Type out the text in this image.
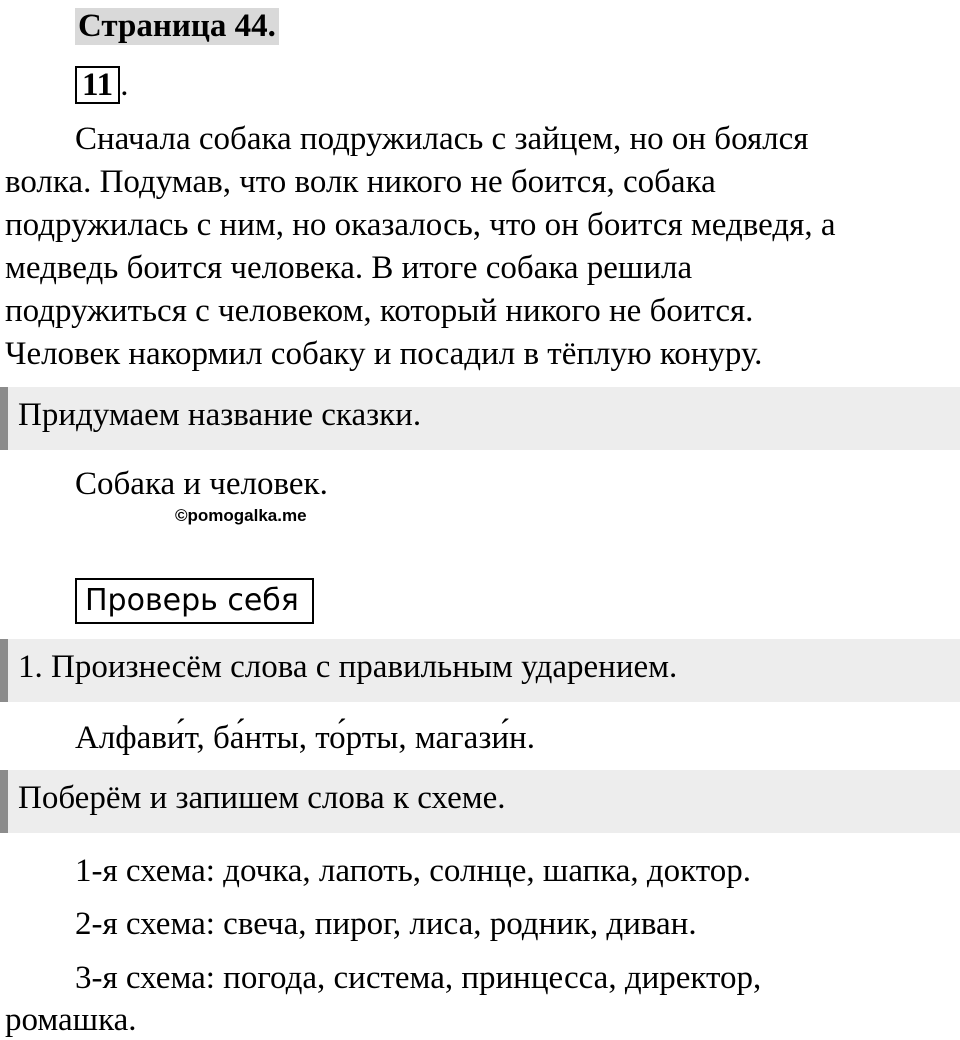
Страница 44.
11 .
Сначала собака подружилась с зайцем, но он боялся
волка. Подумав, что волк никого не боится, собака
подружилась с ним, но оказалось, что он боится медведя, а
медведь боится человека. В итоге собака решила
подружиться с человеком, который никого не боится.
Человек накормил собаку и посадил в тёплую конуру.
Придумаем название сказки.
Собака и человек.
©pomogalka.me
Проверь себя
1. Произнесём слова с правильным ударением.
Алфави́т, ба́нты, то́рты, магази́н.
Поберём и запишем слова к схеме.
1-я схема: дочка, лапоть, солнце, шапка, доктор.
2-я схема: свеча, пирог, лиса, родник, диван.
3-я схема: погода, система, принцесса, директор,
ромашка.
